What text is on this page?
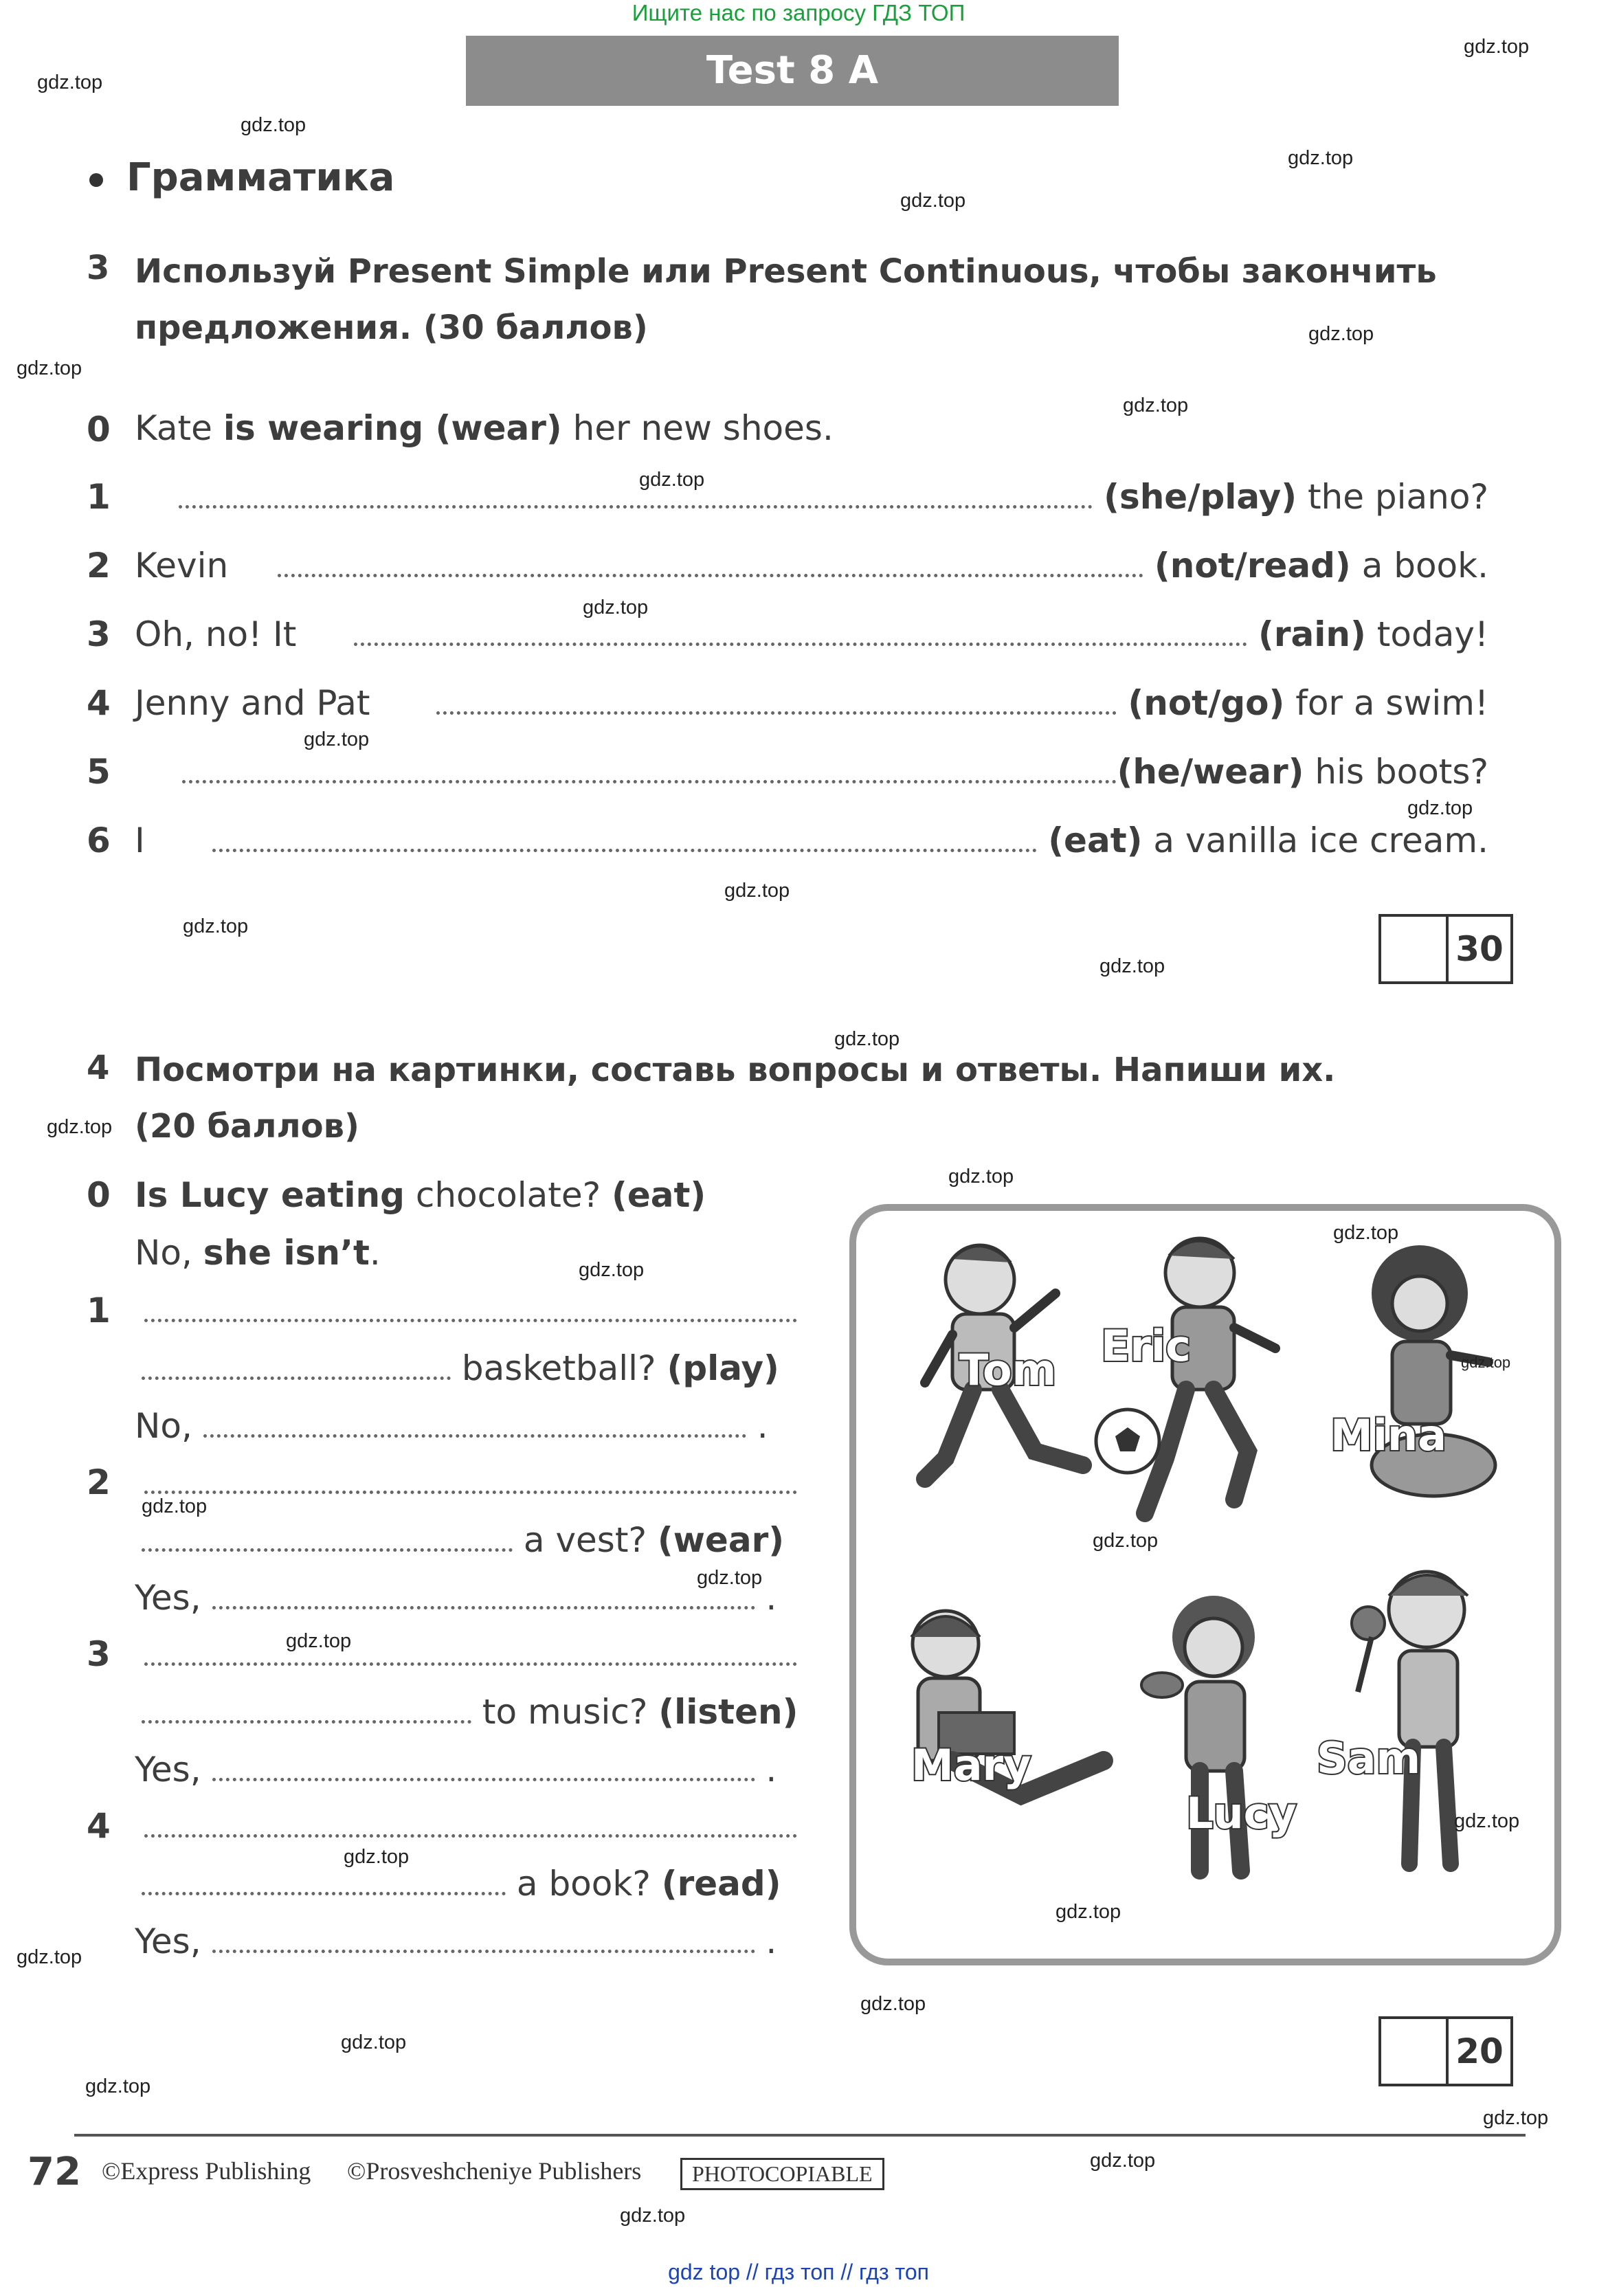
Ищите нас по запросу ГДЗ ТОП
Test 8 A
Грамматика
3 Используй Present Simple или Present Continuous, чтобы закончить
предложения. (30 баллов)
0 Kate is wearing (wear) her new shoes.
1	(she/play) the piano?
2 Kevin	(not/read) a book.
3 Oh, no! It	(rain) today!
4 Jenny and Pat	(not/go) for a swim!
5	(he/wear) his boots?
6 I	(eat) a vanilla ice cream.
30
4 Посмотри на картинки, составь вопросы и ответы. Напиши их.
(20 баллов)
0 Is Lucy eating chocolate? (eat)
No, she isn’t.
1
basketball? (play)
No,	.
2
a vest? (wear)
Yes,	.
3
to music? (listen)
Yes,	.
4
a book? (read)
Yes,	.
Tom Eric
Mina
Mary
Lucy
Sam
20
72 ©Express Publishing ©Prosveshcheniye Publishers	PHOTOCOPIABLE
gdz.top
gdz.top
gdz.top
gdz.top
gdz.top
gdz.top
gdz.top
gdz.top
gdz.top
gdz.top
gdz.top
gdz.top
gdz.top
gdz.top
gdz.top
gdz.top
gdz.top
gdz.top
gdz.top
gdz.top
gdz.top
gdz.top
gdz.top
gdz.top
gdz.top
gdz.top
gdz.top
gdz.top
gdz.top
gdz.top
gdz.top
gdz.top
gdz.top
gdz.top
gdz.top
gdz top // гдз топ // гдз топ
